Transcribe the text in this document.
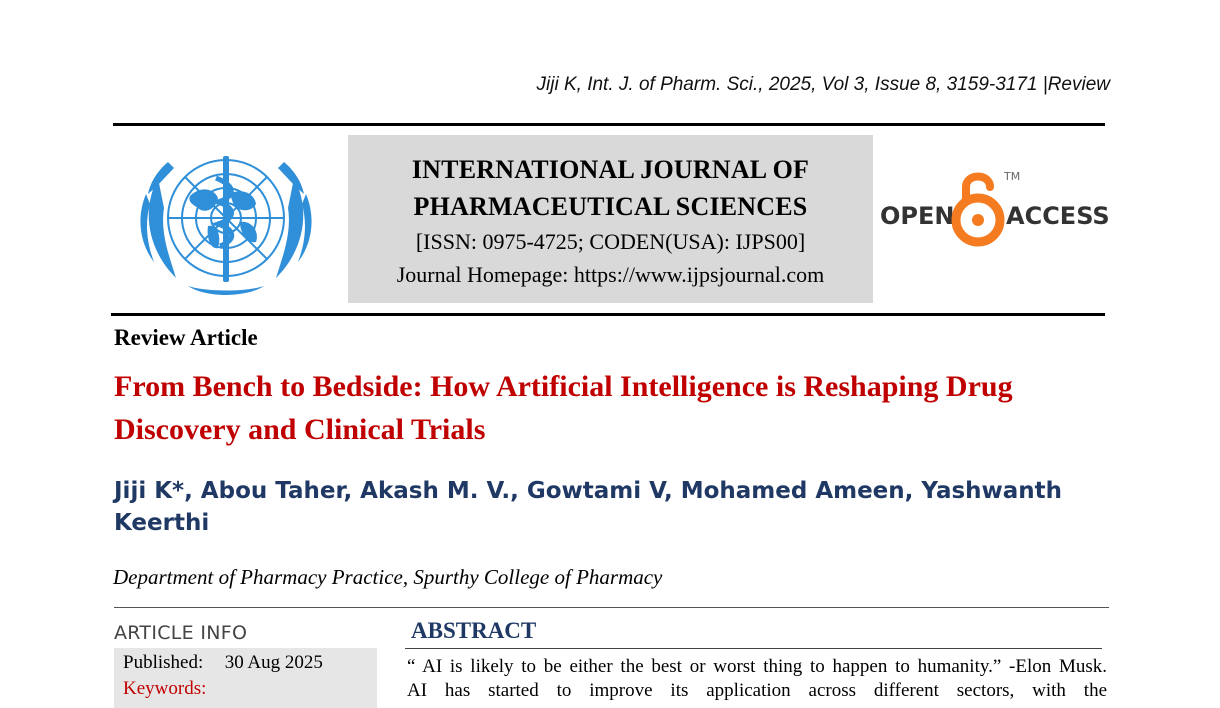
Jiji K, Int. J. of Pharm. Sci., 2025, Vol 3, Issue 8, 3159-3171 |Review
INTERNATIONAL JOURNAL OF
PHARMACEUTICAL SCIENCES
[ISSN: 0975-4725; CODEN(USA): IJPS00]
Journal Homepage: https://www.ijpsjournal.com
OPEN ACCESS
TM
Review Article
From Bench to Bedside: How Artificial Intelligence is Reshaping Drug Discovery and Clinical Trials
Jiji K*, Abou Taher, Akash M. V., Gowtami V, Mohamed Ameen, Yashwanth Keerthi
Department of Pharmacy Practice, Spurthy College of Pharmacy
ARTICLE INFO
Published: 30 Aug 2025
Keywords:
ABSTRACT
“ AI is likely to be either the best or worst thing to happen to humanity.” -Elon Musk.
AI has started to improve its application across different sectors, with the
